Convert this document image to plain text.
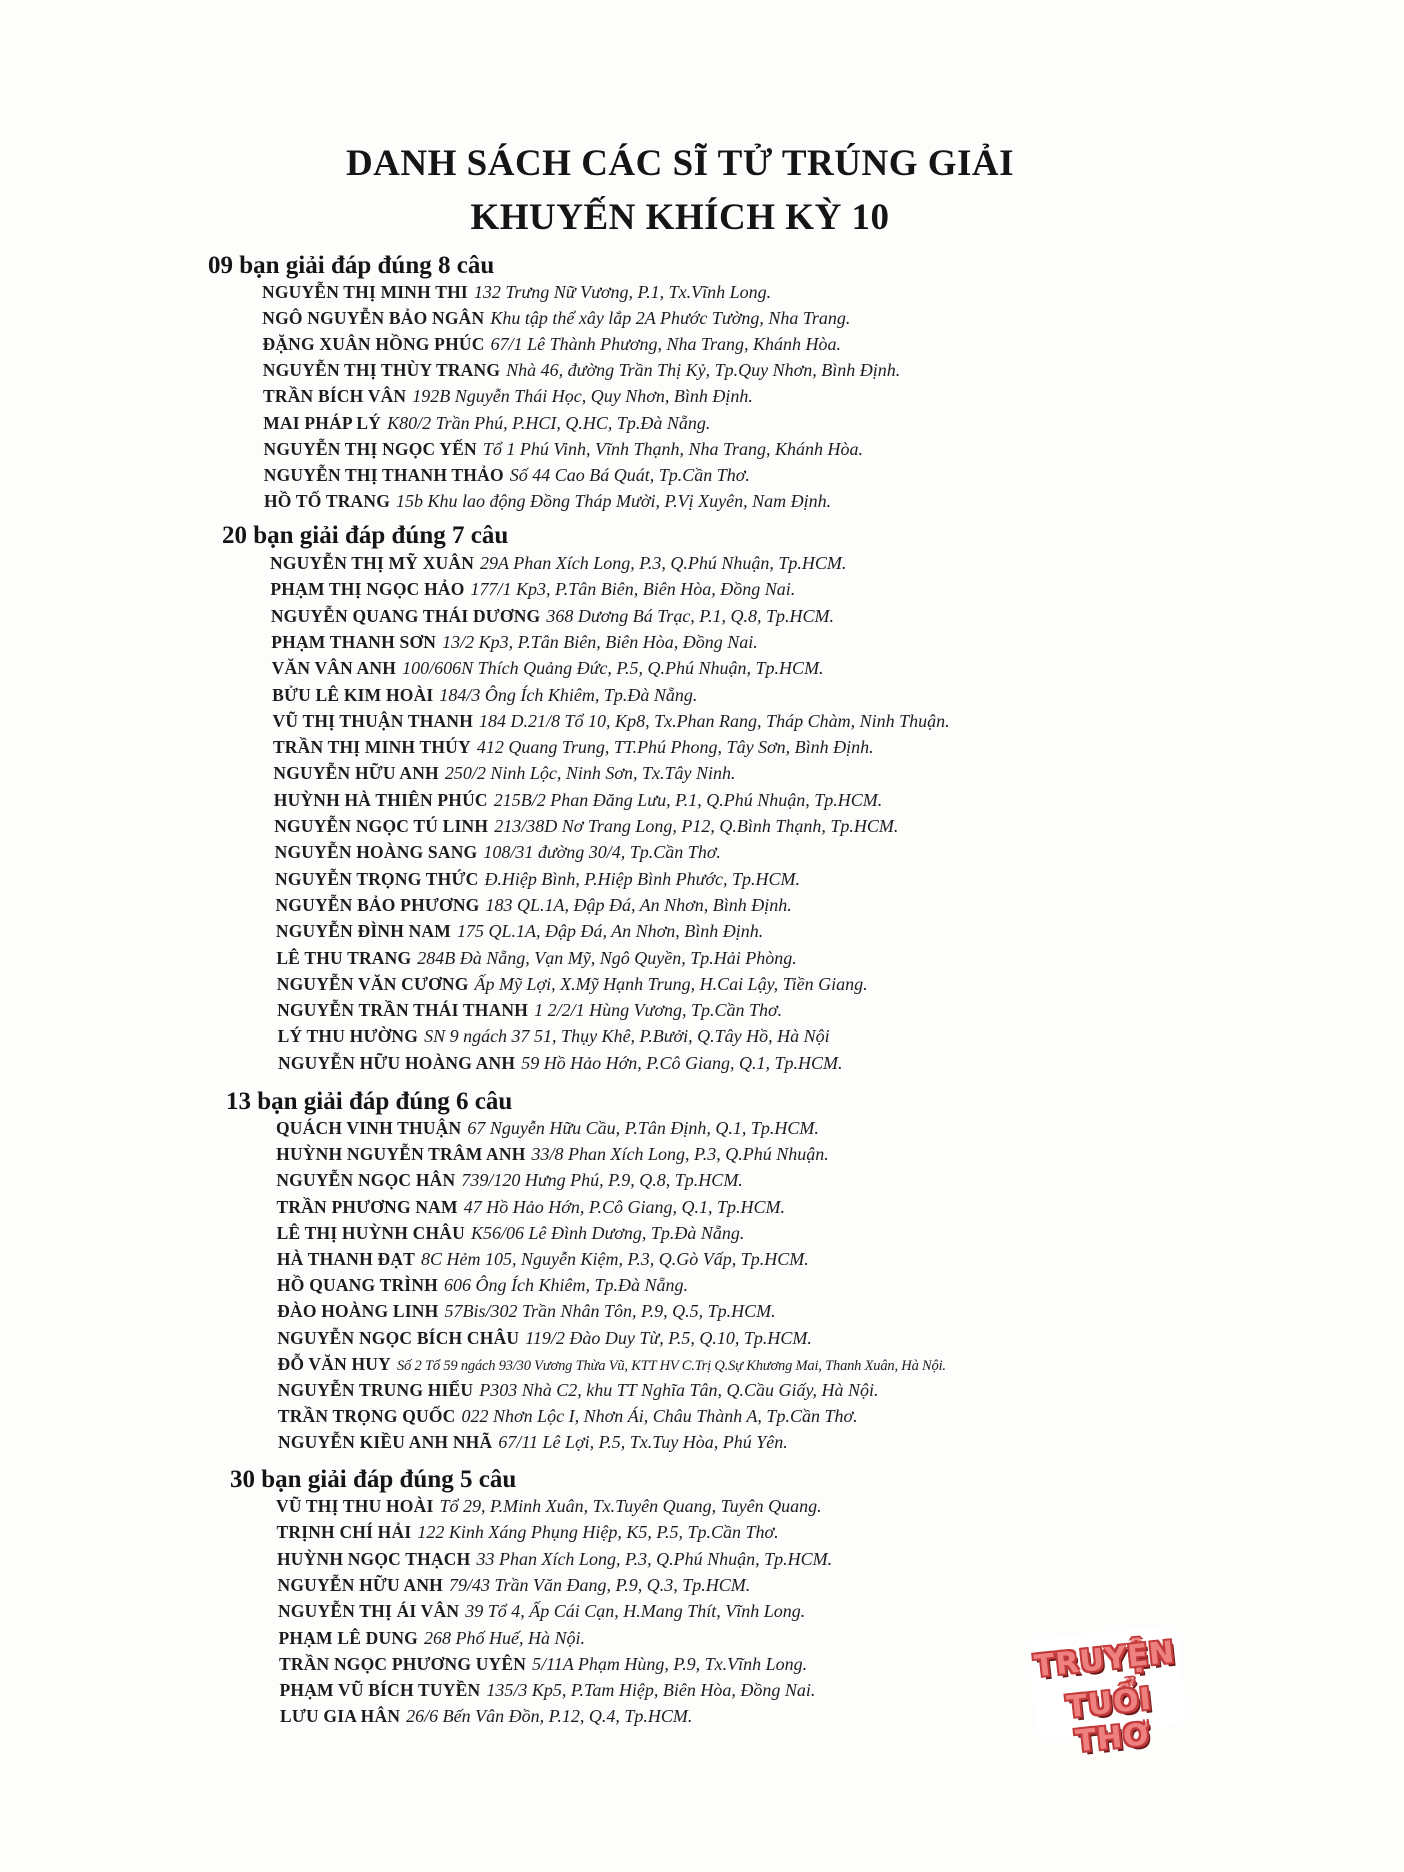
DANH SÁCH CÁC SĨ TỬ TRÚNG GIẢI
KHUYẾN KHÍCH KỲ 10
09 bạn giải đáp đúng 8 câu
NGUYỄN THỊ MINH THI 132 Trưng Nữ Vương, P.1, Tx.Vĩnh Long.
NGÔ NGUYỄN BẢO NGÂN Khu tập thể xây lắp 2A Phước Tường, Nha Trang.
ĐẶNG XUÂN HỒNG PHÚC 67/1 Lê Thành Phương, Nha Trang, Khánh Hòa.
NGUYỄN THỊ THÙY TRANG Nhà 46, đường Trần Thị Kỷ, Tp.Quy Nhơn, Bình Định.
TRẦN BÍCH VÂN 192B Nguyễn Thái Học, Quy Nhơn, Bình Định.
MAI PHÁP LÝ K80/2 Trần Phú, P.HCI, Q.HC, Tp.Đà Nẵng.
NGUYỄN THỊ NGỌC YẾN Tổ 1 Phú Vinh, Vĩnh Thạnh, Nha Trang, Khánh Hòa.
NGUYỄN THỊ THANH THẢO Số 44 Cao Bá Quát, Tp.Cần Thơ.
HỒ TỐ TRANG 15b Khu lao động Đồng Tháp Mười, P.Vị Xuyên, Nam Định.
20 bạn giải đáp đúng 7 câu
NGUYỄN THỊ MỸ XUÂN 29A Phan Xích Long, P.3, Q.Phú Nhuận, Tp.HCM.
PHẠM THỊ NGỌC HẢO 177/1 Kp3, P.Tân Biên, Biên Hòa, Đồng Nai.
NGUYỄN QUANG THÁI DƯƠNG 368 Dương Bá Trạc, P.1, Q.8, Tp.HCM.
PHẠM THANH SƠN 13/2 Kp3, P.Tân Biên, Biên Hòa, Đồng Nai.
VĂN VÂN ANH 100/606N Thích Quảng Đức, P.5, Q.Phú Nhuận, Tp.HCM.
BỬU LÊ KIM HOÀI 184/3 Ông Ích Khiêm, Tp.Đà Nẵng.
VŨ THỊ THUẬN THANH 184 D.21/8 Tổ 10, Kp8, Tx.Phan Rang, Tháp Chàm, Ninh Thuận.
TRẦN THỊ MINH THÚY 412 Quang Trung, TT.Phú Phong, Tây Sơn, Bình Định.
NGUYỄN HỮU ANH 250/2 Ninh Lộc, Ninh Sơn, Tx.Tây Ninh.
HUỲNH HÀ THIÊN PHÚC 215B/2 Phan Đăng Lưu, P.1, Q.Phú Nhuận, Tp.HCM.
NGUYỄN NGỌC TÚ LINH 213/38D Nơ Trang Long, P12, Q.Bình Thạnh, Tp.HCM.
NGUYỄN HOÀNG SANG 108/31 đường 30/4, Tp.Cần Thơ.
NGUYỄN TRỌNG THỨC Đ.Hiệp Bình, P.Hiệp Bình Phước, Tp.HCM.
NGUYỄN BẢO PHƯƠNG 183 QL.1A, Đập Đá, An Nhơn, Bình Định.
NGUYỄN ĐÌNH NAM 175 QL.1A, Đập Đá, An Nhơn, Bình Định.
LÊ THU TRANG 284B Đà Nẵng, Vạn Mỹ, Ngô Quyền, Tp.Hải Phòng.
NGUYỄN VĂN CƯƠNG Ấp Mỹ Lợi, X.Mỹ Hạnh Trung, H.Cai Lậy, Tiền Giang.
NGUYỄN TRẦN THÁI THANH 1 2/2/1 Hùng Vương, Tp.Cần Thơ.
LÝ THU HƯỜNG SN 9 ngách 37 51, Thụy Khê, P.Bưởi, Q.Tây Hồ, Hà Nội
NGUYỄN HỮU HOÀNG ANH 59 Hồ Hảo Hớn, P.Cô Giang, Q.1, Tp.HCM.
13 bạn giải đáp đúng 6 câu
QUÁCH VINH THUẬN 67 Nguyễn Hữu Cầu, P.Tân Định, Q.1, Tp.HCM.
HUỲNH NGUYỄN TRÂM ANH 33/8 Phan Xích Long, P.3, Q.Phú Nhuận.
NGUYỄN NGỌC HÂN 739/120 Hưng Phú, P.9, Q.8, Tp.HCM.
TRẦN PHƯƠNG NAM 47 Hồ Hảo Hớn, P.Cô Giang, Q.1, Tp.HCM.
LÊ THỊ HUỲNH CHÂU K56/06 Lê Đình Dương, Tp.Đà Nẵng.
HÀ THANH ĐẠT 8C Hẻm 105, Nguyễn Kiệm, P.3, Q.Gò Vấp, Tp.HCM.
HỒ QUANG TRÌNH 606 Ông Ích Khiêm, Tp.Đà Nẵng.
ĐÀO HOÀNG LINH 57Bis/302 Trần Nhân Tôn, P.9, Q.5, Tp.HCM.
NGUYỄN NGỌC BÍCH CHÂU 119/2 Đào Duy Từ, P.5, Q.10, Tp.HCM.
ĐỖ VĂN HUY Số 2 Tổ 59 ngách 93/30 Vương Thừa Vũ, KTT HV C.Trị Q.Sự Khương Mai, Thanh Xuân, Hà Nội.
NGUYỄN TRUNG HIẾU P303 Nhà C2, khu TT Nghĩa Tân, Q.Cầu Giấy, Hà Nội.
TRẦN TRỌNG QUỐC 022 Nhơn Lộc I, Nhơn Ái, Châu Thành A, Tp.Cần Thơ.
NGUYỄN KIỀU ANH NHÃ 67/11 Lê Lợi, P.5, Tx.Tuy Hòa, Phú Yên.
30 bạn giải đáp đúng 5 câu
VŨ THỊ THU HOÀI Tổ 29, P.Minh Xuân, Tx.Tuyên Quang, Tuyên Quang.
TRỊNH CHÍ HẢI 122 Kinh Xáng Phụng Hiệp, K5, P.5, Tp.Cần Thơ.
HUỲNH NGỌC THẠCH 33 Phan Xích Long, P.3, Q.Phú Nhuận, Tp.HCM.
NGUYỄN HỮU ANH 79/43 Trần Văn Đang, P.9, Q.3, Tp.HCM.
NGUYỄN THỊ ÁI VÂN 39 Tổ 4, Ấp Cái Cạn, H.Mang Thít, Vĩnh Long.
PHẠM LÊ DUNG 268 Phố Huế, Hà Nội.
TRẦN NGỌC PHƯƠNG UYÊN 5/11A Phạm Hùng, P.9, Tx.Vĩnh Long.
PHẠM VŨ BÍCH TUYỀN 135/3 Kp5, P.Tam Hiệp, Biên Hòa, Đồng Nai.
LƯU GIA HÂN 26/6 Bến Vân Đồn, P.12, Q.4, Tp.HCM.
TRUYỆN
TUỔI THƠ
